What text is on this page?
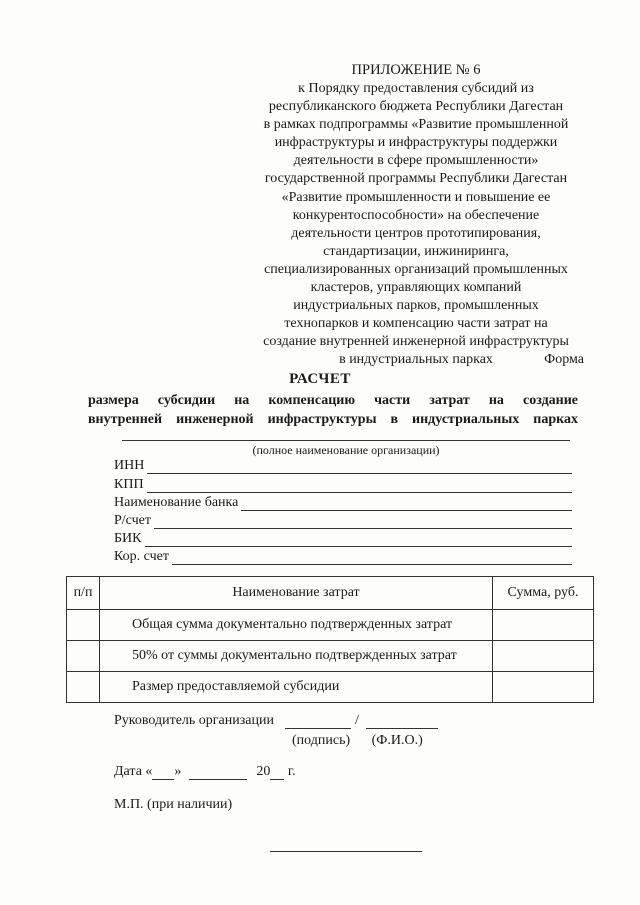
ПРИЛОЖЕНИЕ № 6
к Порядку предоставления субсидий из
республиканского бюджета Республики Дагестан
в рамках подпрограммы «Развитие промышленной
инфраструктуры и инфраструктуры поддержки
деятельности в сфере промышленности»
государственной программы Республики Дагестан
«Развитие промышленности и повышение ее
конкурентоспособности» на обеспечение
деятельности центров прототипирования,
стандартизации, инжиниринга,
специализированных организаций промышленных
кластеров, управляющих компаний
индустриальных парков, промышленных
технопарков и компенсацию части затрат на
создание внутренней инженерной инфраструктуры
в индустриальных парках	Форма
РАСЧЕТ
размера субсидии на компенсацию части затрат на создание
внутренней инженерной инфраструктуры в индустриальных парках
(полное наименование организации)
ИНН
КПП
Наименование банка
Р/счет
БИК
Кор. счет
п/п	Наименование затрат	Сумма, руб.
	Общая сумма документально подтвержденных затрат	
	50% от суммы документально подтвержденных затрат	
	Размер предоставляемой субсидии	
Руководитель организации	/
(подпись) (Ф.И.О.)
Дата « »	20 г.
М.П. (при наличии)
